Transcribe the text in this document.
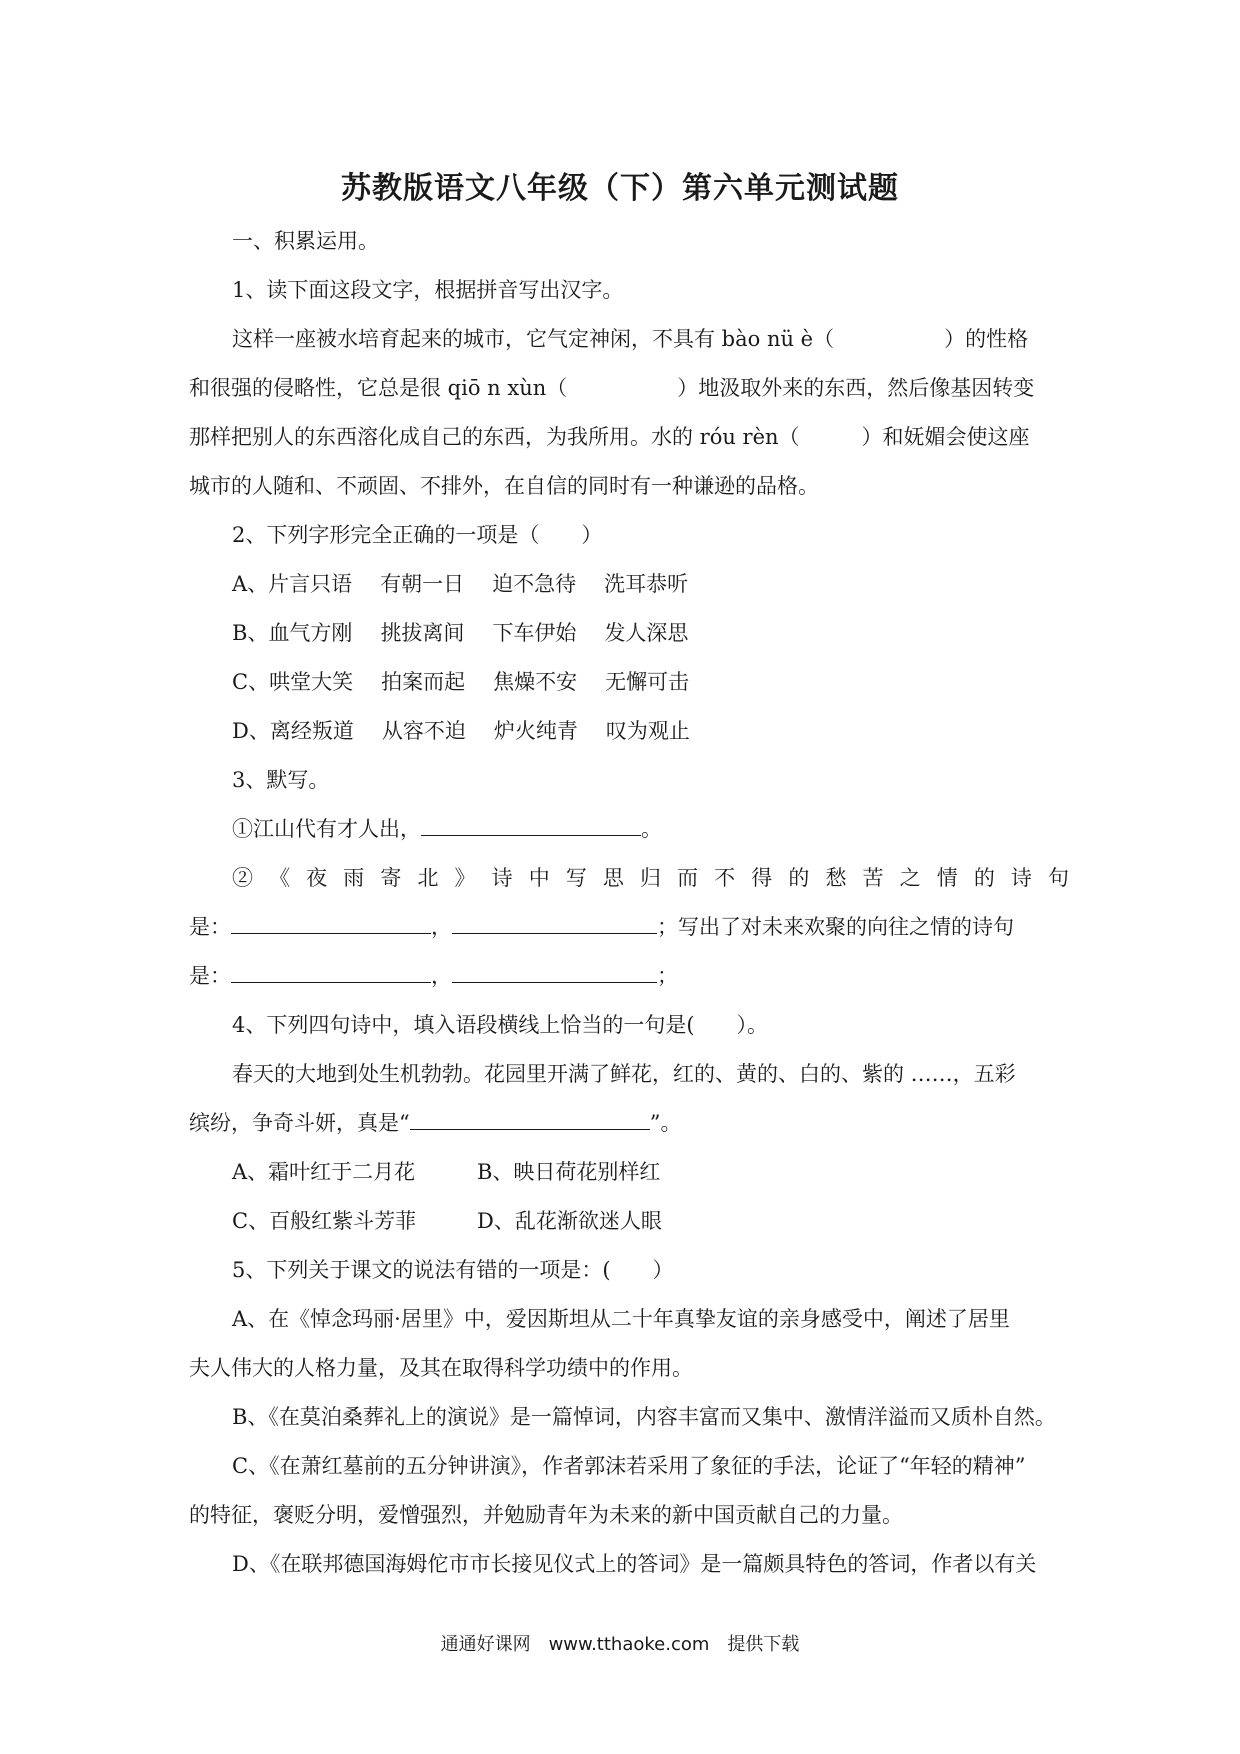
苏教版语文八年级（下）第六单元测试题
一、积累运用。
1、读下面这段文字，根据拼音写出汉字。
这样一座被水培育起来的城市，它气定神闲，不具有 bào nü è（	）的性格
和很强的侵略性，它总是很 qiō n xùn（	）地汲取外来的东西，然后像基因转变
那样把别人的东西溶化成自己的东西，为我所用。水的 róu rèn（	）和妩媚会使这座
城市的人随和、不顽固、不排外，在自信的同时有一种谦逊的品格。
2、下列字形完全正确的一项是（　　）
A、片言只语 有朝一日 迫不急待 洗耳恭听
B、血气方刚 挑拔离间 下车伊始 发人深思
C、哄堂大笑 拍案而起 焦燥不安 无懈可击
D、离经叛道 从容不迫 炉火纯青 叹为观止
3、默写。
①江山代有才人出，	。
②《夜雨寄北》诗中写思归而不得的愁苦之情的诗句
是：	，	；写出了对未来欢聚的向往之情的诗句
是：	，	；
4、下列四句诗中，填入语段横线上恰当的一句是(　　）。
春天的大地到处生机勃勃。花园里开满了鲜花，红的、黄的、白的、紫的 ……，五彩
缤纷，争奇斗妍，真是“	”。
A、霜叶红于二月花	B、映日荷花别样红
C、百般红紫斗芳菲	D、乱花渐欲迷人眼
5、下列关于课文的说法有错的一项是：(　　）
A、在《悼念玛丽·居里》中，爱因斯坦从二十年真挚友谊的亲身感受中，阐述了居里
夫人伟大的人格力量，及其在取得科学功绩中的作用。
B、《在莫泊桑葬礼上的演说》是一篇悼词，内容丰富而又集中、激情洋溢而又质朴自然。
C、《在萧红墓前的五分钟讲演》，作者郭沫若采用了象征的手法，论证了“年轻的精神”
的特征，褒贬分明，爱憎强烈，并勉励青年为未来的新中国贡献自己的力量。
D、《在联邦德国海姆佗市市长接见仪式上的答词》是一篇颇具特色的答词，作者以有关
通通好课网　www.tthaoke.com　提供下载
